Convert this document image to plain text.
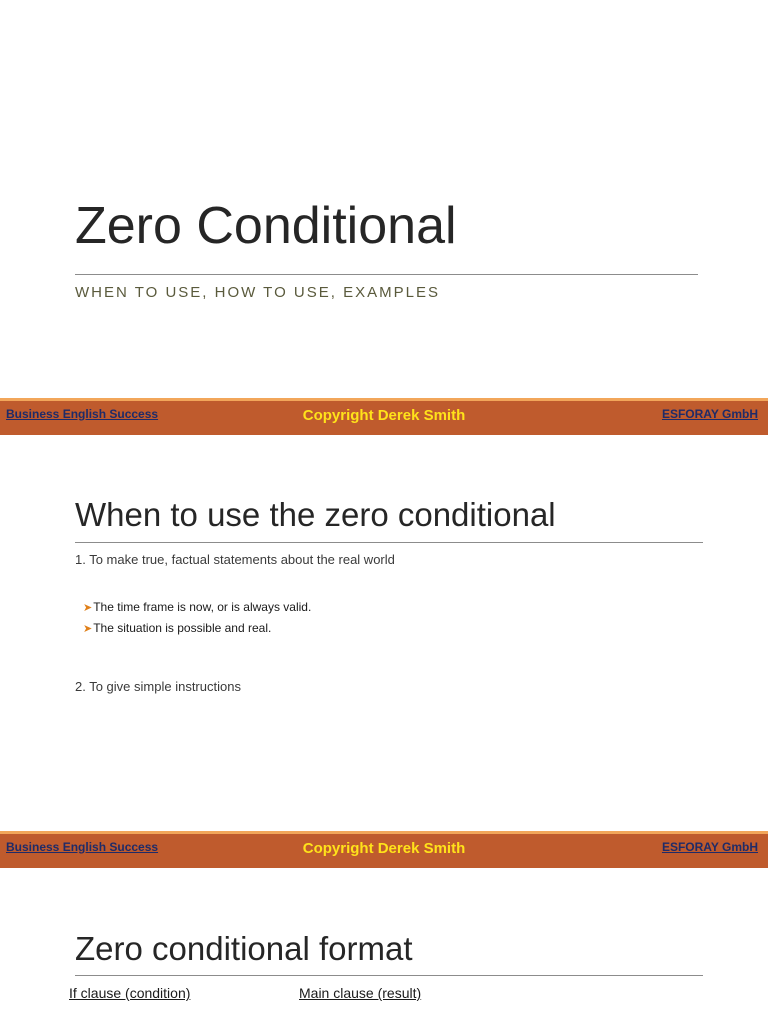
Zero Conditional
WHEN TO USE, HOW TO USE, EXAMPLES
Business English Success	Copyright Derek Smith	ESFORAY GmbH
When to use the zero conditional
1. To make true, factual statements about the real world
➤The time frame is now, or is always valid.
➤The situation is possible and real.
2. To give simple instructions
Business English Success	Copyright Derek Smith	ESFORAY GmbH
Zero conditional format
If clause (condition)	Main clause (result)
